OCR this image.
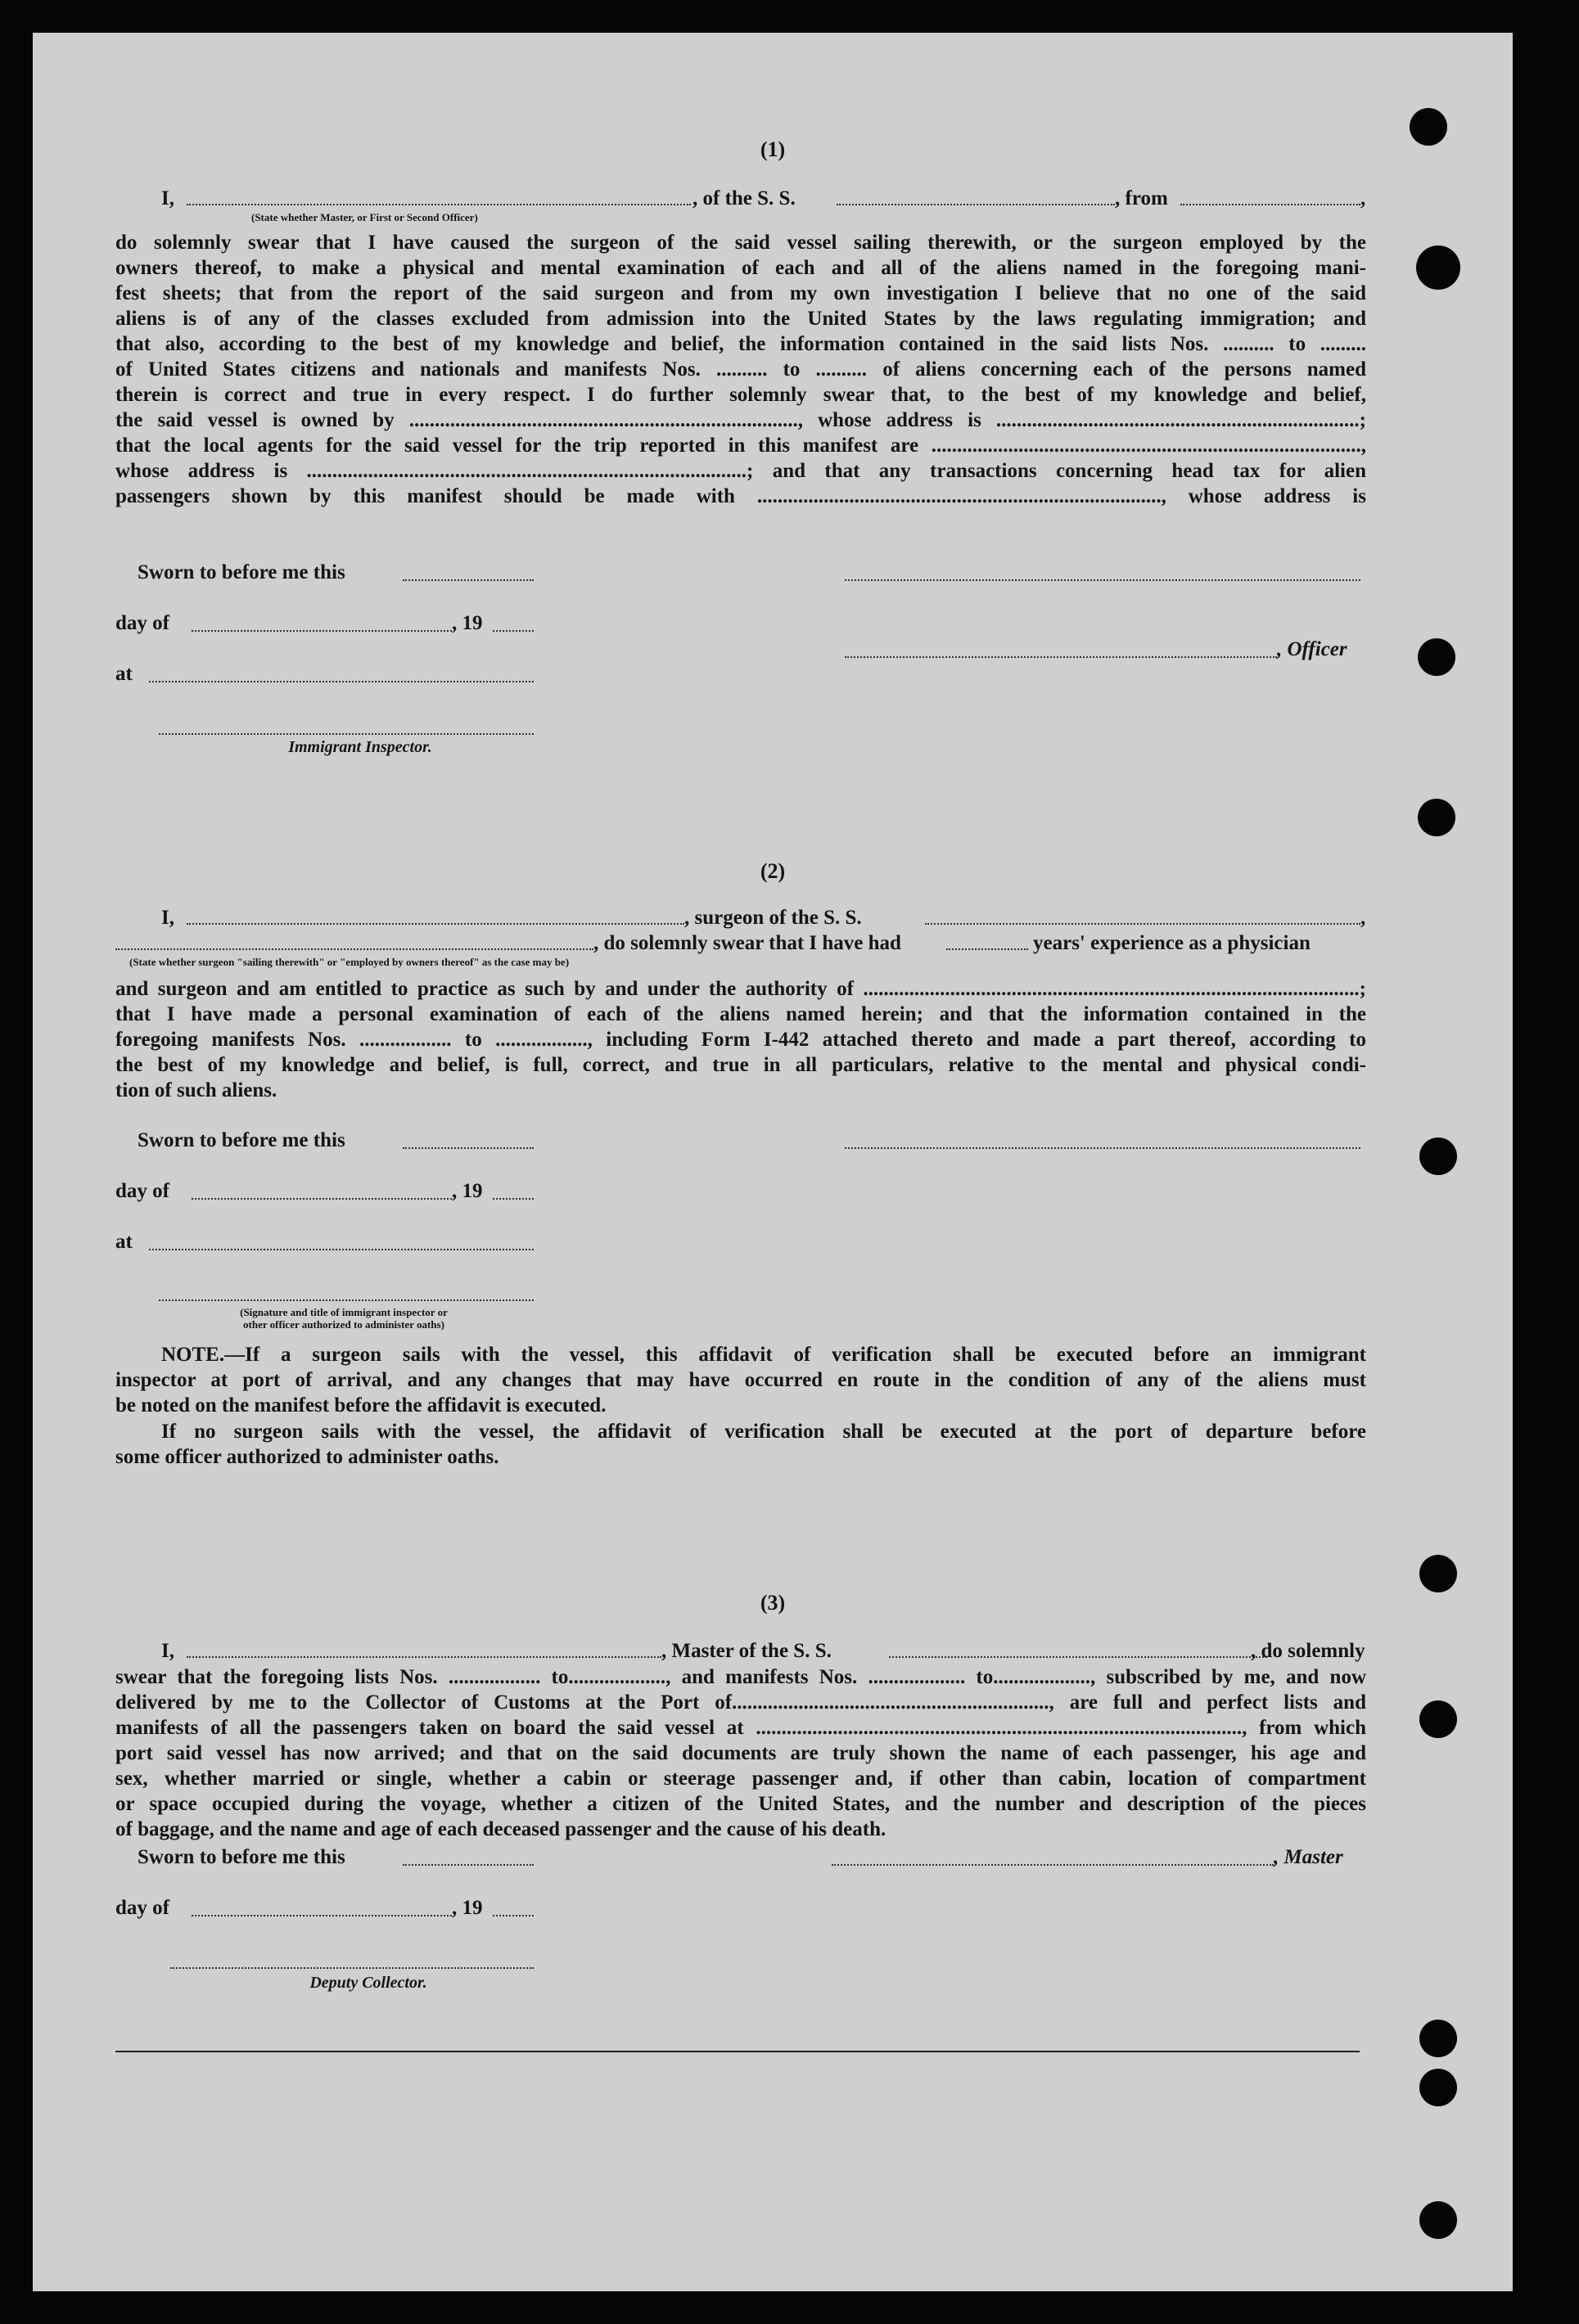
(1)
I,
(State whether Master, or First or Second Officer)
, of the S. S.	, from	,
do solemnly swear that I have caused the surgeon of the said vessel sailing therewith, or the surgeon employed by the
owners thereof, to make a physical and mental examination of each and all of the aliens named in the foregoing mani-
fest sheets; that from the report of the said surgeon and from my own investigation I believe that no one of the said
aliens is of any of the classes excluded from admission into the United States by the laws regulating immigration; and
that also, according to the best of my knowledge and belief, the information contained in the said lists Nos. .......... to .........
of United States citizens and nationals and manifests Nos. .......... to .......... of aliens concerning each of the persons named
therein is correct and true in every respect. I do further solemnly swear that, to the best of my knowledge and belief,
the said vessel is owned by ............................................................................, whose address is .......................................................................;
that the local agents for the said vessel for the trip reported in this manifest are ....................................................................................,
whose address is ......................................................................................; and that any transactions concerning head tax for alien
passengers shown by this manifest should be made with ..............................................................................., whose address is
Sworn to before me this
day of	, 19
, Officer
at
Immigrant Inspector.
(2)
I,	, surgeon of the S. S.	,
, do solemnly swear that I have had	years' experience as a physician
(State whether surgeon "sailing therewith" or "employed by owners thereof" as the case may be)
and surgeon and am entitled to practice as such by and under the authority of .................................................................................................;
that I have made a personal examination of each of the aliens named herein; and that the information contained in the
foregoing manifests Nos. .................. to .................., including Form I-442 attached thereto and made a part thereof, according to
the best of my knowledge and belief, is full, correct, and true in all particulars, relative to the mental and physical condi-
tion of such aliens.
Sworn to before me this
day of	, 19
at
(Signature and title of immigrant inspector or
other officer authorized to administer oaths)
NOTE.—If a surgeon sails with the vessel, this affidavit of verification shall be executed before an immigrant
inspector at port of arrival, and any changes that may have occurred en route in the condition of any of the aliens must
be noted on the manifest before the affidavit is executed.
If no surgeon sails with the vessel, the affidavit of verification shall be executed at the port of departure before
some officer authorized to administer oaths.
(3)
I,	, Master of the S. S.	, do solemnly
swear that the foregoing lists Nos. .................. to..................., and manifests Nos. ................... to..................., subscribed by me, and now
delivered by me to the Collector of Customs at the Port of.............................................................., are full and perfect lists and
manifests of all the passengers taken on board the said vessel at ..............................................................................................., from which
port said vessel has now arrived; and that on the said documents are truly shown the name of each passenger, his age and
sex, whether married or single, whether a cabin or steerage passenger and, if other than cabin, location of compartment
or space occupied during the voyage, whether a citizen of the United States, and the number and description of the pieces
of baggage, and the name and age of each deceased passenger and the cause of his death.
Sworn to before me this	, Master
day of	, 19
Deputy Collector.
